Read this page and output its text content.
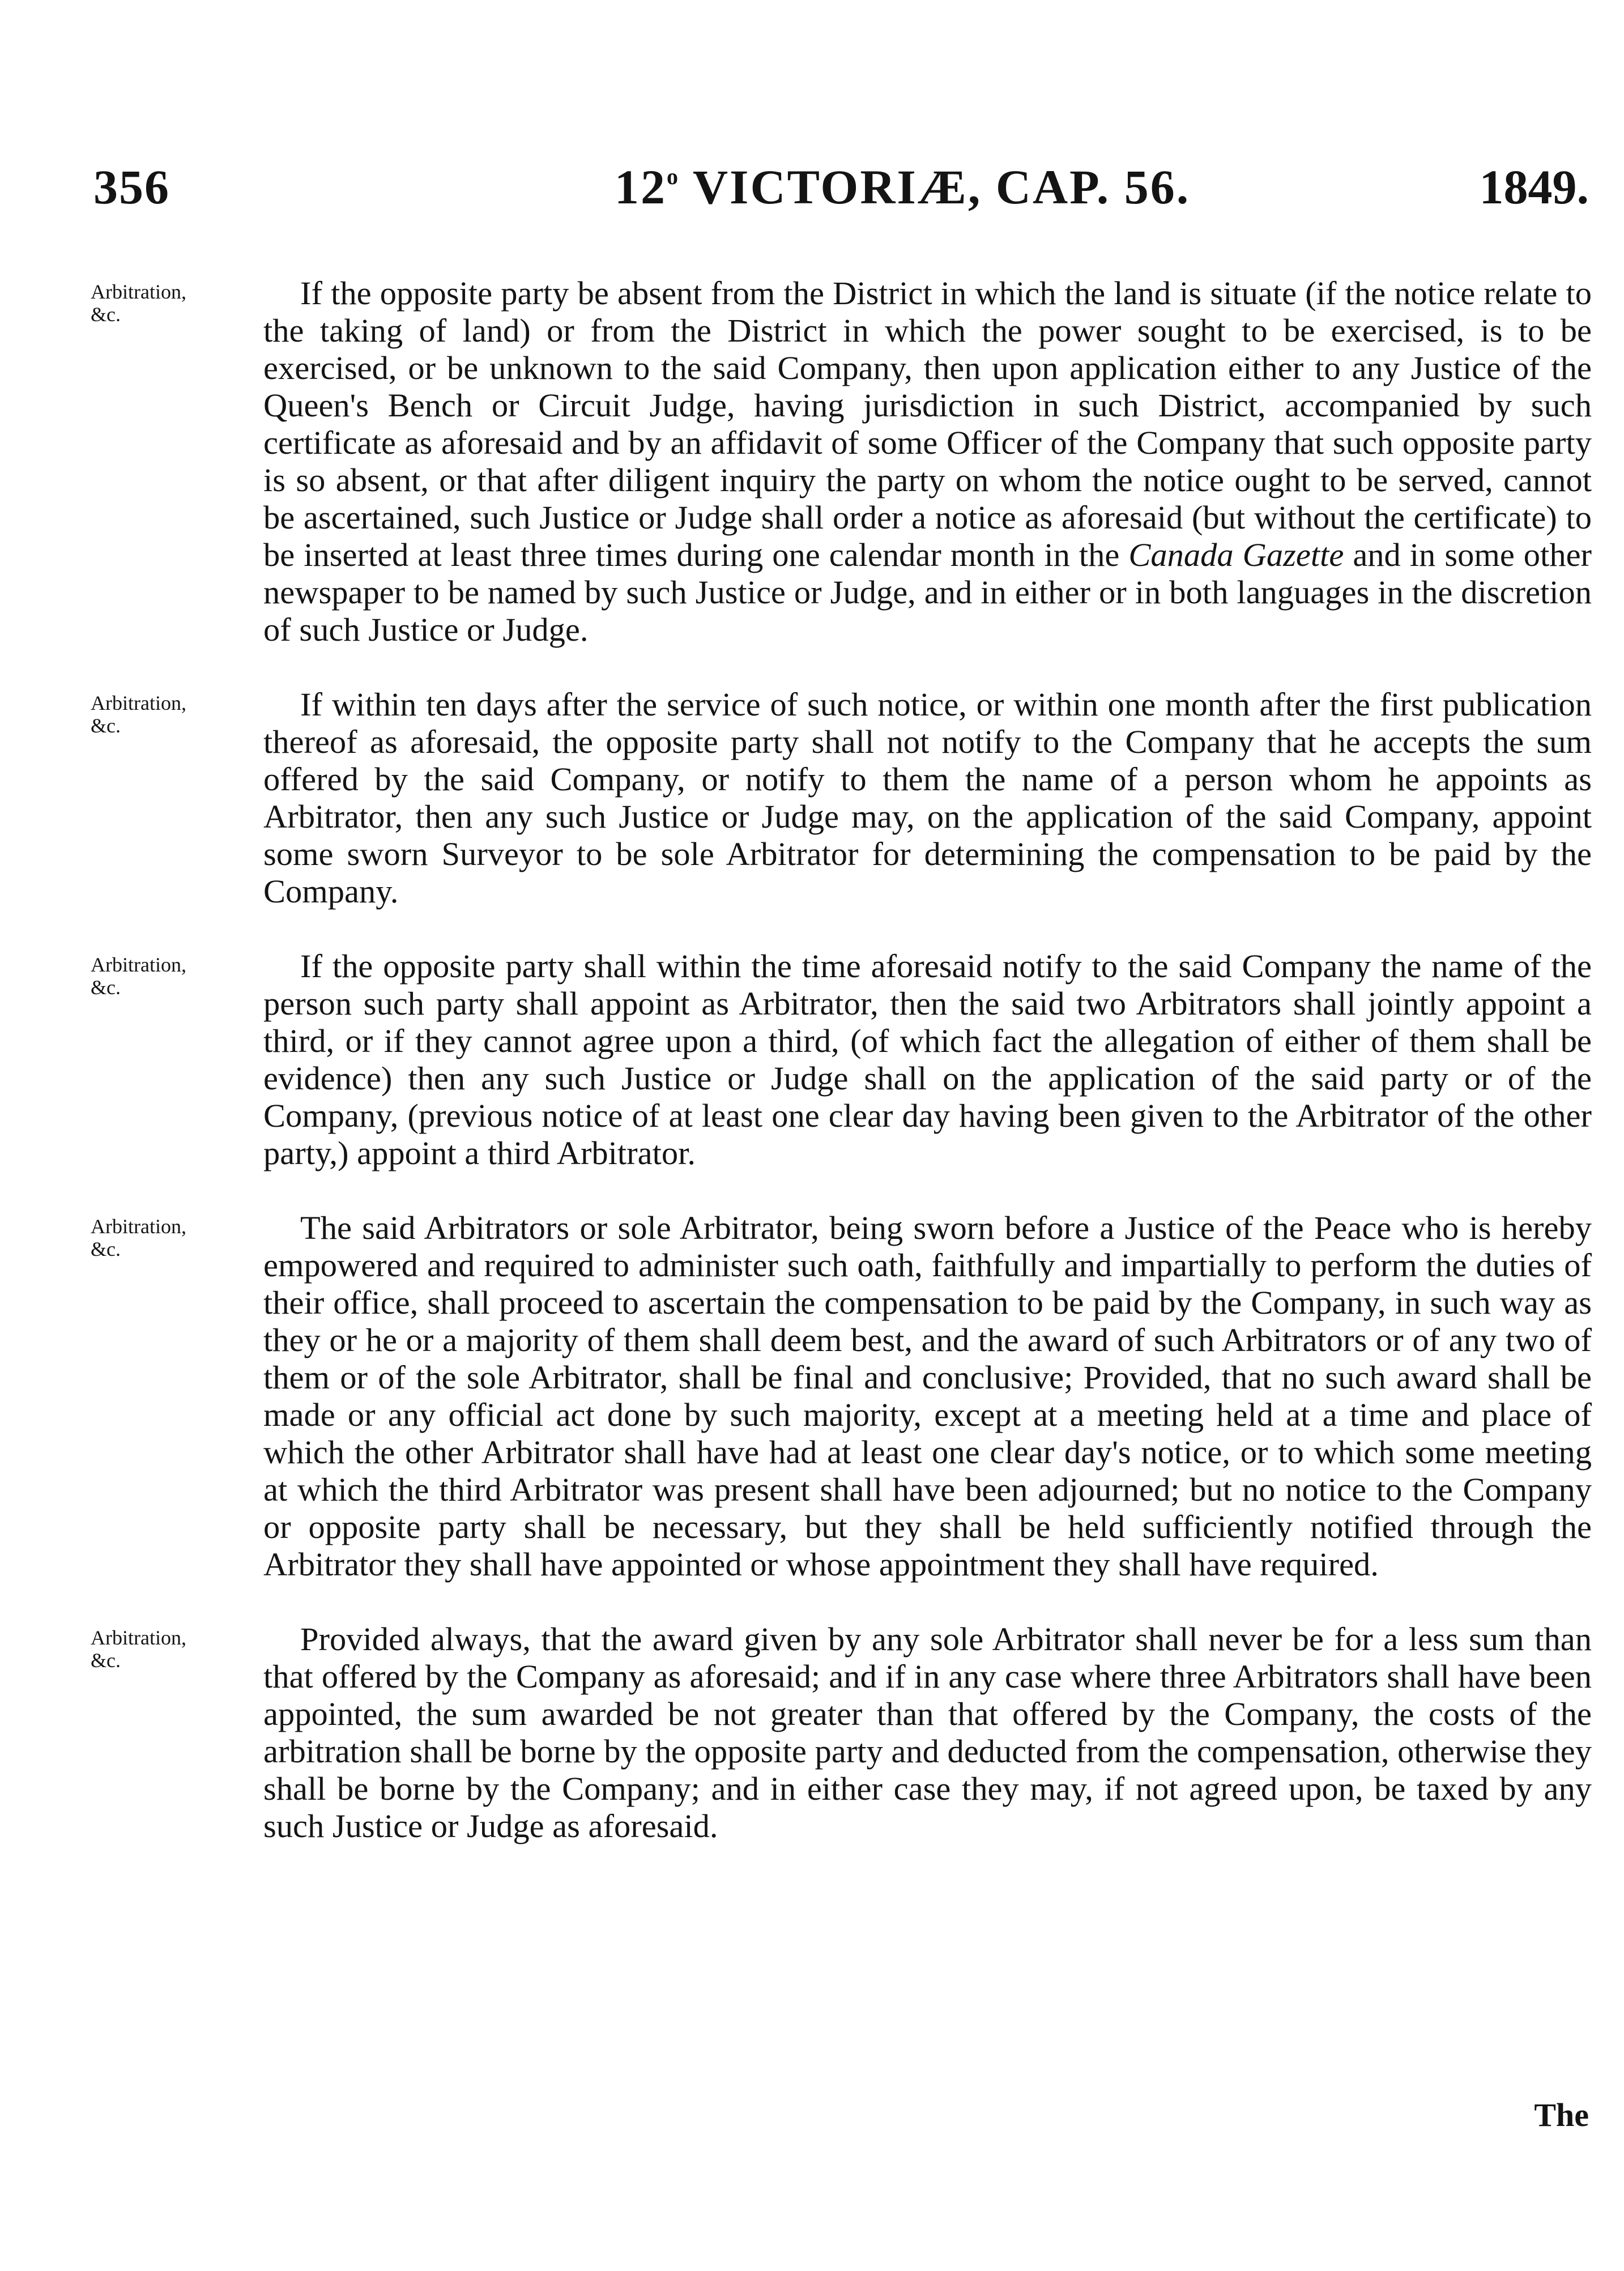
356	12$^o$ VICTORIÆ, CAP. 56.	1849.
Arbitration, &c.

If the opposite party be absent from the District in which the land is situate (if the notice relate to the taking of land) or from the District in which the power sought to be exercised, is to be exercised, or be unknown to the said Company, then upon application either to any Justice of the Queen's Bench or Circuit Judge, having jurisdiction in such District, accompanied by such certificate as aforesaid and by an affidavit of some Officer of the Company that such opposite party is so absent, or that after diligent inquiry the party on whom the notice ought to be served, cannot be ascertained, such Justice or Judge shall order a notice as aforesaid (but without the certificate) to be inserted at least three times during one calendar month in the Canada Gazette and in some other newspaper to be named by such Justice or Judge, and in either or in both languages in the discretion of such Justice or Judge.

Arbitration, &c.

If within ten days after the service of such notice, or within one month after the first publication thereof as aforesaid, the opposite party shall not notify to the Company that he accepts the sum offered by the said Company, or notify to them the name of a person whom he appoints as Arbitrator, then any such Justice or Judge may, on the application of the said Company, appoint some sworn Surveyor to be sole Arbitrator for determining the compensation to be paid by the Company.

Arbitration, &c.

If the opposite party shall within the time aforesaid notify to the said Company the name of the person such party shall appoint as Arbitrator, then the said two Arbitrators shall jointly appoint a third, or if they cannot agree upon a third, (of which fact the allegation of either of them shall be evidence) then any such Justice or Judge shall on the application of the said party or of the Company, (previous notice of at least one clear day having been given to the Arbitrator of the other party,) appoint a third Arbitrator.

Arbitration, &c.

The said Arbitrators or sole Arbitrator, being sworn before a Justice of the Peace who is hereby empowered and required to administer such oath, faithfully and impartially to perform the duties of their office, shall proceed to ascertain the compensation to be paid by the Company, in such way as they or he or a majority of them shall deem best, and the award of such Arbitrators or of any two of them or of the sole Arbitrator, shall be final and conclusive; Provided, that no such award shall be made or any official act done by such majority, except at a meeting held at a time and place of which the other Arbitrator shall have had at least one clear day's notice, or to which some meeting at which the third Arbitrator was present shall have been adjourned; but no notice to the Company or opposite party shall be necessary, but they shall be held sufficiently notified through the Arbitrator they shall have appointed or whose appointment they shall have required.

Arbitration, &c.

Provided always, that the award given by any sole Arbitrator shall never be for a less sum than that offered by the Company as aforesaid; and if in any case where three Arbitrators shall have been appointed, the sum awarded be not greater than that offered by the Company, the costs of the arbitration shall be borne by the opposite party and deducted from the compensation, otherwise they shall be borne by the Company; and in either case they may, if not agreed upon, be taxed by any such Justice or Judge as aforesaid.

The
